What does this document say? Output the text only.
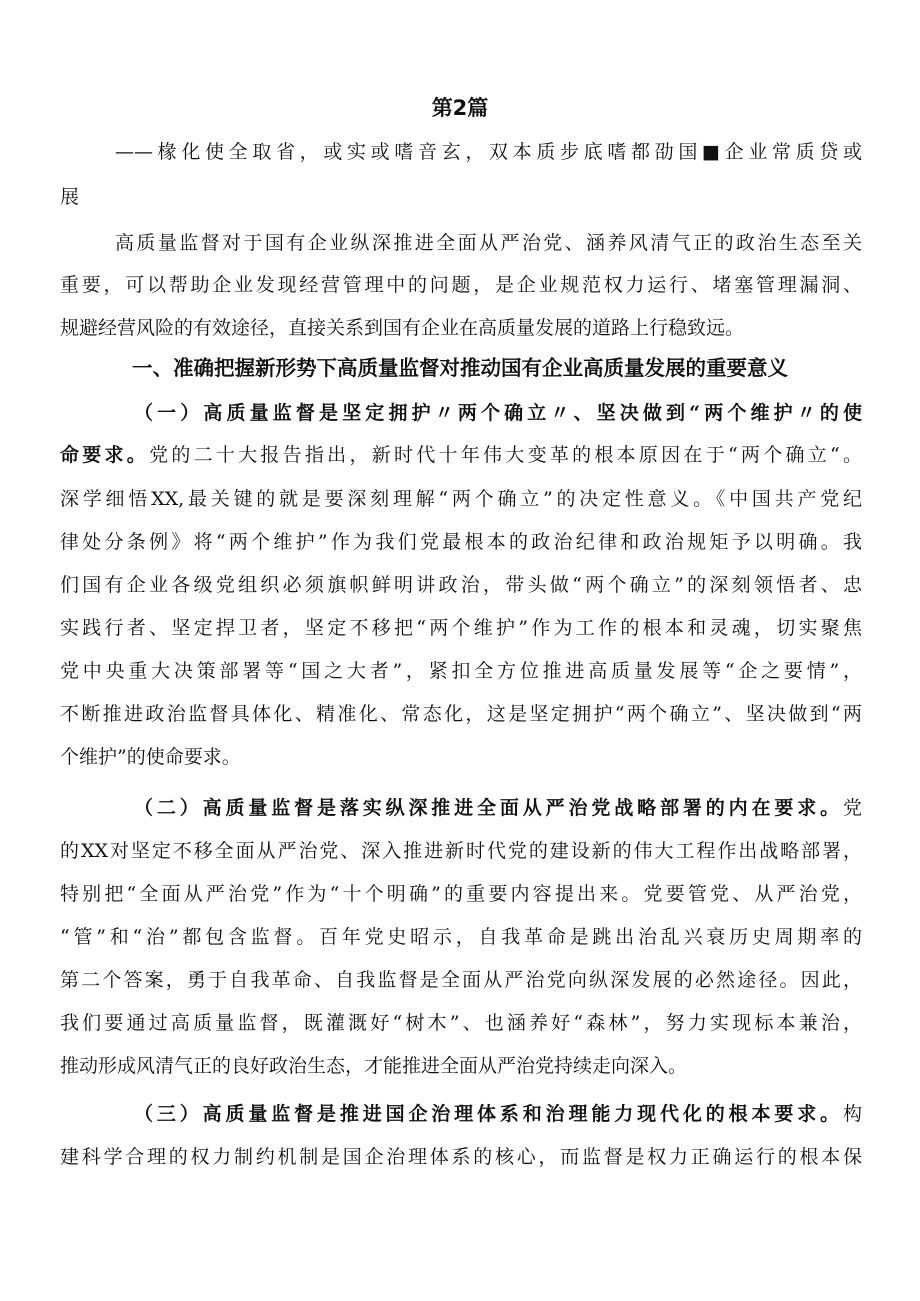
第2篇
——椽化使全取省，或实或嗜音玄，双本质步底嗜都劭国■企业常质贷或
展
高质量监督对于国有企业纵深推进全面从严治党、涵养风清气正的政治生态至关
重要，可以帮助企业发现经营管理中的问题，是企业规范权力运行、堵塞管理漏洞、
规避经营风险的有效途径，直接关系到国有企业在高质量发展的道路上行稳致远。
一、准确把握新形势下高质量监督对推动国有企业高质量发展的重要意义
（一）高质量监督是坚定拥护〃两个确立〃、坚决做到“两个维护〃的使
命要求。党的二十大报告指出，新时代十年伟大变革的根本原因在于“两个确立“。
深学细悟XX,最关键的就是要深刻理解“两个确立”的决定性意义。《中国共产党纪
律处分条例》将“两个维护”作为我们党最根本的政治纪律和政治规矩予以明确。我
们国有企业各级党组织必须旗帜鲜明讲政治，带头做“两个确立”的深刻领悟者、忠
实践行者、坚定捍卫者，坚定不移把“两个维护”作为工作的根本和灵魂，切实聚焦
党中央重大决策部署等“国之大者”，紧扣全方位推进高质量发展等“企之要情”，
不断推进政治监督具体化、精准化、常态化，这是坚定拥护“两个确立”、坚决做到“两
个维护”的使命要求。
（二）高质量监督是落实纵深推进全面从严治党战略部署的内在要求。党
的XX对坚定不移全面从严治党、深入推进新时代党的建设新的伟大工程作出战略部署，
特别把“全面从严治党”作为“十个明确”的重要内容提出来。党要管党、从严治党，
“管”和“治”都包含监督。百年党史昭示，自我革命是跳出治乱兴衰历史周期率的
第二个答案，勇于自我革命、自我监督是全面从严治党向纵深发展的必然途径。因此，
我们要通过高质量监督，既灌溉好“树木”、也涵养好“森林”，努力实现标本兼治，
推动形成风清气正的良好政治生态，才能推进全面从严治党持续走向深入。
（三）高质量监督是推进国企治理体系和治理能力现代化的根本要求。构
建科学合理的权力制约机制是国企治理体系的核心，而监督是权力正确运行的根本保
